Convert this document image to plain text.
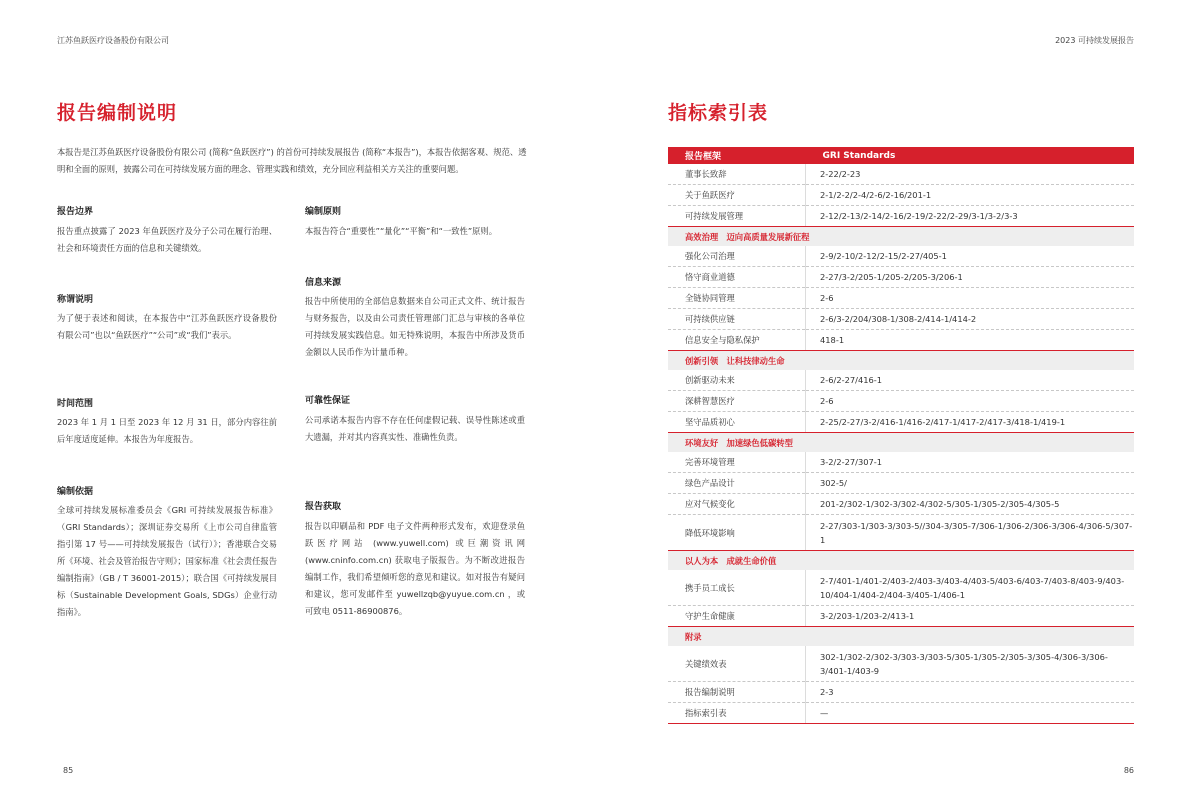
江苏鱼跃医疗设备股份有限公司	2023 可持续发展报告
报告编制说明
本报告是江苏鱼跃医疗设备股份有限公司 (简称“鱼跃医疗”) 的首份可持续发展报告 (简称“本报告”)，本报告依据客观、规范、透明和全面的原则，披露公司在可持续发展方面的理念、管理实践和绩效，充分回应利益相关方关注的重要问题。
报告边界
报告重点披露了 2023 年鱼跃医疗及分子公司在履行治理、社会和环境责任方面的信息和关键绩效。
称谓说明
为了便于表述和阅读，在本报告中“江苏鱼跃医疗设备股份有限公司”也以“鱼跃医疗”“公司”或“我们”表示。
时间范围
2023 年 1 月 1 日至 2023 年 12 月 31 日，部分内容往前后年度适度延伸。本报告为年度报告。
编制依据
全球可持续发展标准委员会《GRI 可持续发展报告标准》（GRI Standards）；深圳证券交易所《上市公司自律监管指引第 17 号——可持续发展报告（试行）》；香港联合交易所《环境、社会及管治报告守则》；国家标准《社会责任报告编制指南》（GB / T 36001-2015）；联合国《可持续发展目标（Sustainable Development Goals, SDGs）企业行动指南》。
编制原则
本报告符合“重要性”“量化”“平衡”和“一致性”原则。
信息来源
报告中所使用的全部信息数据来自公司正式文件、统计报告与财务报告，以及由公司责任管理部门汇总与审核的各单位可持续发展实践信息。如无特殊说明，本报告中所涉及货币金额以人民币作为计量币种。
可靠性保证
公司承诺本报告内容不存在任何虚假记载、误导性陈述或重大遗漏，并对其内容真实性、准确性负责。
报告获取
报告以印刷品和 PDF 电子文件两种形式发布，欢迎登录鱼跃医疗网站 (www.yuwell.com) 或巨潮资讯网 (www.cninfo.com.cn) 获取电子版报告。为不断改进报告编制工作，我们希望倾听您的意见和建议。如对报告有疑问和建议，您可发邮件至 yuwellzqb@yuyue.com.cn ，或可致电 0511-86900876。
85
指标索引表
报告框架	GRI Standards
董事长致辞	2-22/2-23
关于鱼跃医疗	2-1/2-2/2-4/2-6/2-16/201-1
可持续发展管理	2-12/2-13/2-14/2-16/2-19/2-22/2-29/3-1/3-2/3-3
高效治理　迈向高质量发展新征程	
强化公司治理	2-9/2-10/2-12/2-15/2-27/405-1
恪守商业道德	2-27/3-2/205-1/205-2/205-3/206-1
全链协同管理	2-6
可持续供应链	2-6/3-2/204/308-1/308-2/414-1/414-2
信息安全与隐私保护	418-1
创新引领　让科技律动生命	
创新驱动未来	2-6/2-27/416-1
深耕智慧医疗	2-6
坚守品质初心	2-25/2-27/3-2/416-1/416-2/417-1/417-2/417-3/418-1/419-1
环境友好　加速绿色低碳转型	
完善环境管理	3-2/2-27/307-1
绿色产品设计	302-5/
应对气候变化	201-2/302-1/302-3/302-4/302-5/305-1/305-2/305-4/305-5
降低环境影响	2-27/303-1/303-3/303-5//304-3/305-7/306-1/306-2/306-3/306-4/306-5/307-1
以人为本　成就生命价值	
携手员工成长	2-7/401-1/401-2/403-2/403-3/403-4/403-5/403-6/403-7/403-8/403-9/403-10/404-1/404-2/404-3/405-1/406-1
守护生命健康	3-2/203-1/203-2/413-1
附录	
关键绩效表	302-1/302-2/302-3/303-3/303-5/305-1/305-2/305-3/305-4/306-3/306-3/401-1/403-9
报告编制说明	2-3
指标索引表	—
86
